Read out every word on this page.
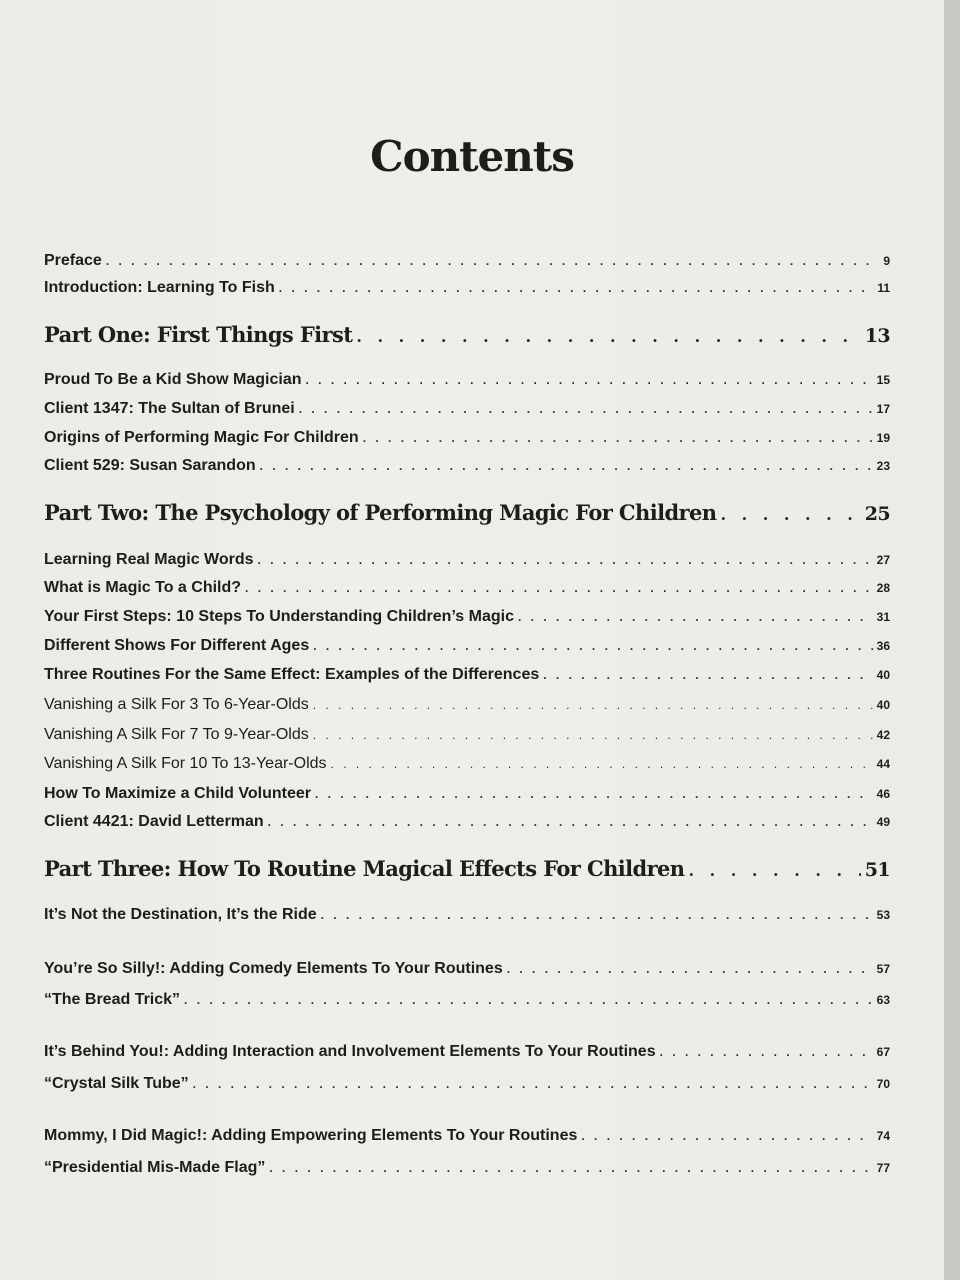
Contents
Preface . . .	9
Introduction: Learning To Fish . . .	11
Part One: First Things First . . .	13
Proud To Be a Kid Show Magician . . .	15
Client 1347: The Sultan of Brunei . . .	17
Origins of Performing Magic For Children . . .	19
Client 529: Susan Sarandon . . .	23
Part Two: The Psychology of Performing Magic For Children . . .	25
Learning Real Magic Words . . .	27
What is Magic To a Child? . . .	28
Your First Steps: 10 Steps To Understanding Children’s Magic . . .	31
Different Shows For Different Ages . . .	36
Three Routines For the Same Effect: Examples of the Differences . . .	40
Vanishing a Silk For 3 To 6-Year-Olds . . .	40
Vanishing A Silk For 7 To 9-Year-Olds . . .	42
Vanishing A Silk For 10 To 13-Year-Olds . . .	44
How To Maximize a Child Volunteer . . .	46
Client 4421: David Letterman . . .	49
Part Three: How To Routine Magical Effects For Children . . .	51
It’s Not the Destination, It’s the Ride . . .	53
You’re So Silly!: Adding Comedy Elements To Your Routines . . .	57
“The Bread Trick” . . .	63
It’s Behind You!: Adding Interaction and Involvement Elements To Your Routines . . .	67
“Crystal Silk Tube” . . .	70
Mommy, I Did Magic!: Adding Empowering Elements To Your Routines . . .	74
“Presidential Mis-Made Flag” . . .	77
